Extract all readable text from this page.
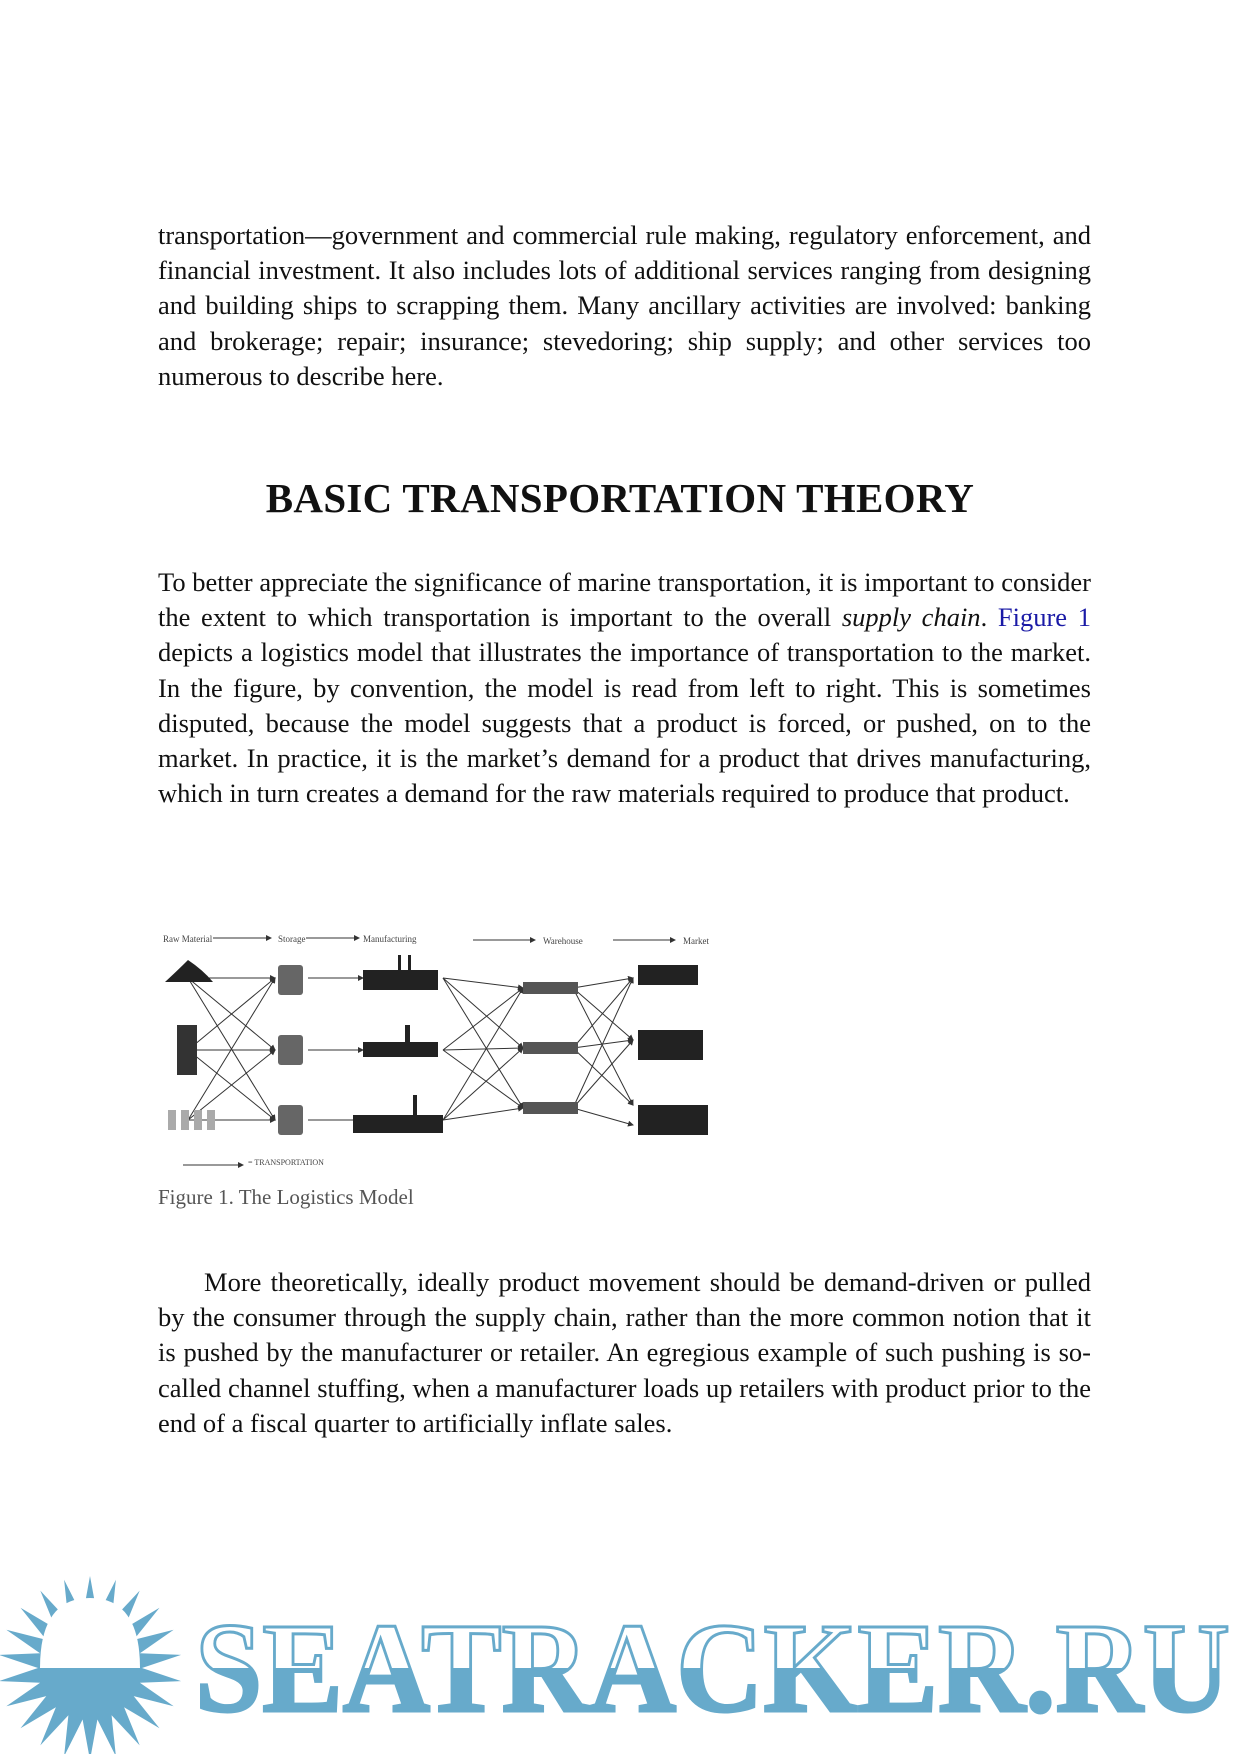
transportation—government and commercial rule making, regulatory enforcement, and financial investment. It also includes lots of additional services ranging from designing and building ships to scrapping them. Many ancillary activities are involved: banking and brokerage; repair; insurance; stevedoring; ship supply; and other services too numerous to describe here.
BASIC TRANSPORTATION THEORY
To better appreciate the significance of marine transportation, it is important to consider the extent to which transportation is important to the overall supply chain. Figure 1 depicts a logistics model that illustrates the importance of transportation to the market. In the figure, by convention, the model is read from left to right. This is sometimes disputed, because the model suggests that a product is forced, or pushed, on to the market. In practice, it is the market’s demand for a product that drives manufacturing, which in turn creates a demand for the raw materials required to produce that product.
Raw Material	Storage	Manufacturing	Warehouse	Market
= TRANSPORTATION
Figure 1. The Logistics Model
More theoretically, ideally product movement should be demand-driven or pulled by the consumer through the supply chain, rather than the more common notion that it is pushed by the manufacturer or retailer. An egregious example of such pushing is so-called channel stuffing, when a manufacturer loads up retailers with product prior to the end of a fiscal quarter to artificially inflate sales.
SEATRACKER.RU
